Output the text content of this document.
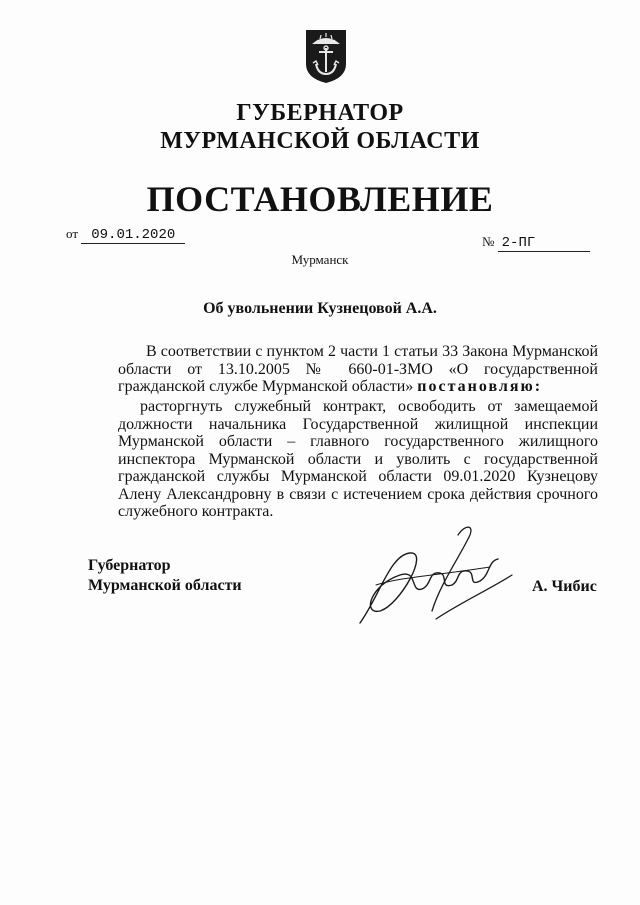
ГУБЕРНАТОР
МУРМАНСКОЙ ОБЛАСТИ
ПОСТАНОВЛЕНИЕ
от 09.01.2020	№ 2-ПГ
Мурманск
Об увольнении Кузнецовой А.А.
В соответствии с пунктом 2 части 1 статьи 33 Закона Мурманской области от 13.10.2005 № 660-01-ЗМО «О государственной гражданской службе Мурманской области» постановляю:
расторгнуть служебный контракт, освободить от замещаемой должности начальника Государственной жилищной инспекции Мурманской области – главного государственного жилищного инспектора Мурманской области и уволить с государственной гражданской службы Мурманской области 09.01.2020 Кузнецову Алену Александровну в связи с истечением срока действия срочного служебного контракта.
Губернатор
Мурманской области	А. Чибис
